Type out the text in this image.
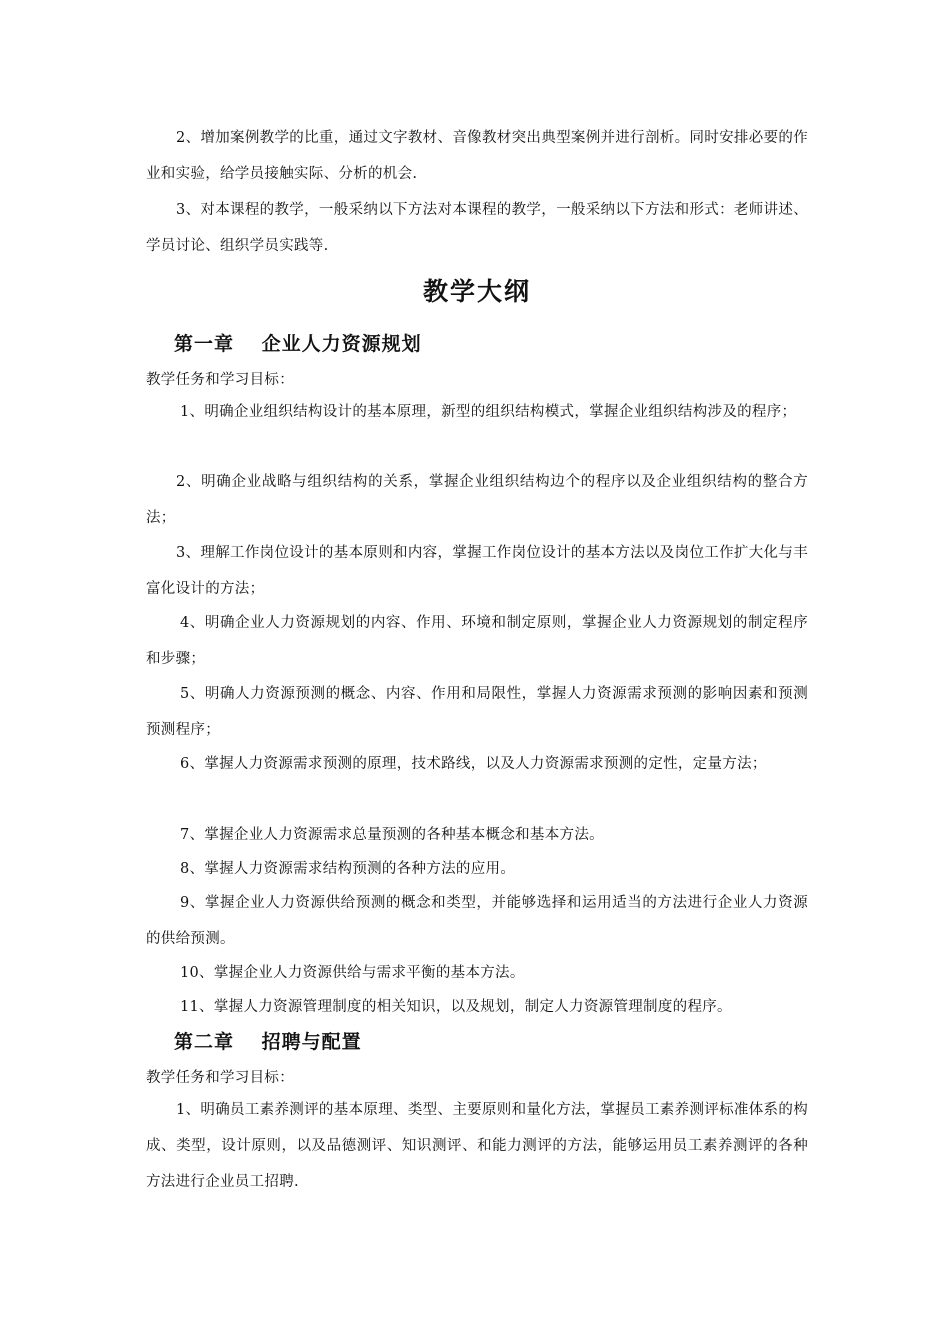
2、增加案例教学的比重，通过文字教材、音像教材突出典型案例并进行剖析。同时安排必要的作业和实验，给学员接触实际、分析的机会.
3、对本课程的教学，一般采纳以下方法对本课程的教学，一般采纳以下方法和形式：老师讲述、学员讨论、组织学员实践等.
教学大纲
第一章　 企业人力资源规划
教学任务和学习目标：
1、明确企业组织结构设计的基本原理，新型的组织结构模式，掌握企业组织结构涉及的程序；
2、明确企业战略与组织结构的关系，掌握企业组织结构边个的程序以及企业组织结构的整合方法；
3、理解工作岗位设计的基本原则和内容，掌握工作岗位设计的基本方法以及岗位工作扩大化与丰富化设计的方法；
4、明确企业人力资源规划的内容、作用、环境和制定原则，掌握企业人力资源规划的制定程序和步骤；
5、明确人力资源预测的概念、内容、作用和局限性，掌握人力资源需求预测的影响因素和预测预测程序；
6、掌握人力资源需求预测的原理，技术路线，以及人力资源需求预测的定性，定量方法；
7、掌握企业人力资源需求总量预测的各种基本概念和基本方法。
8、掌握人力资源需求结构预测的各种方法的应用。
9、掌握企业人力资源供给预测的概念和类型，并能够选择和运用适当的方法进行企业人力资源的供给预测。
10、掌握企业人力资源供给与需求平衡的基本方法。
11、掌握人力资源管理制度的相关知识，以及规划，制定人力资源管理制度的程序。
第二章　 招聘与配置
教学任务和学习目标：
1、明确员工素养测评的基本原理、类型、主要原则和量化方法，掌握员工素养测评标准体系的构成、类型，设计原则，以及品德测评、知识测评、和能力测评的方法，能够运用员工素养测评的各种方法进行企业员工招聘.
